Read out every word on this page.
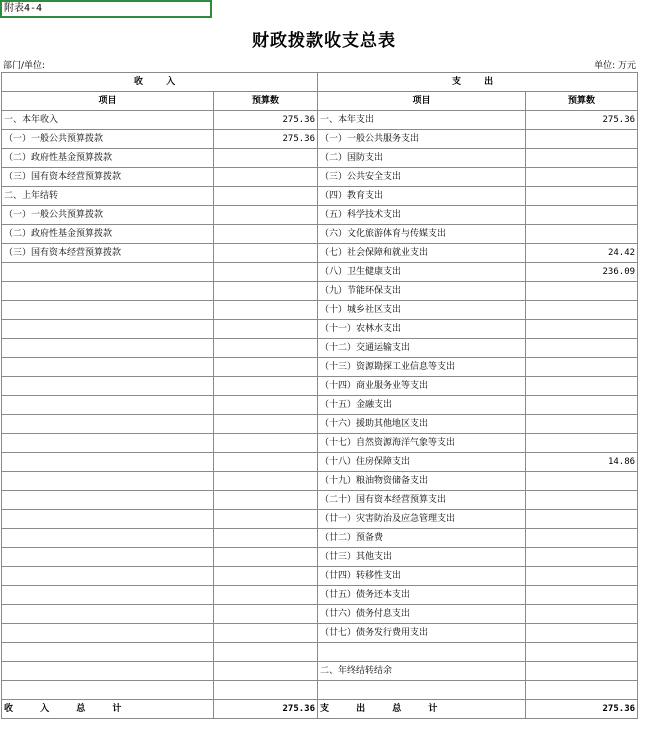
附表4-4
财政拨款收支总表
部门/单位:	单位: 万元
收 入		支 出	
项目	预算数	项目	预算数
一、本年收入	275.36	一、本年支出	275.36
（一）一般公共预算拨款	275.36	（一）一般公共服务支出	
（二）政府性基金预算拨款		（二）国防支出	
（三）国有资本经营预算拨款		（三）公共安全支出	
二、上年结转		（四）教育支出	
（一）一般公共预算拨款		（五）科学技术支出	
（二）政府性基金预算拨款		（六）文化旅游体育与传媒支出	
（三）国有资本经营预算拨款		（七）社会保障和就业支出	24.42
		（八）卫生健康支出	236.09
		（九）节能环保支出	
		（十）城乡社区支出	
		（十一）农林水支出	
		（十二）交通运输支出	
		（十三）资源勘探工业信息等支出	
		（十四）商业服务业等支出	
		（十五）金融支出	
		（十六）援助其他地区支出	
		（十七）自然资源海洋气象等支出	
		（十八）住房保障支出	14.86
		（十九）粮油物资储备支出	
		（二十）国有资本经营预算支出	
		（廿一）灾害防治及应急管理支出	
		（廿二）预备费	
		（廿三）其他支出	
		（廿四）转移性支出	
		（廿五）债务还本支出	
		（廿六）债务付息支出	
		（廿七）债务发行费用支出	

		二、年终结转结余	

收 入 总 计	275.36	支 出 总 计	275.36
